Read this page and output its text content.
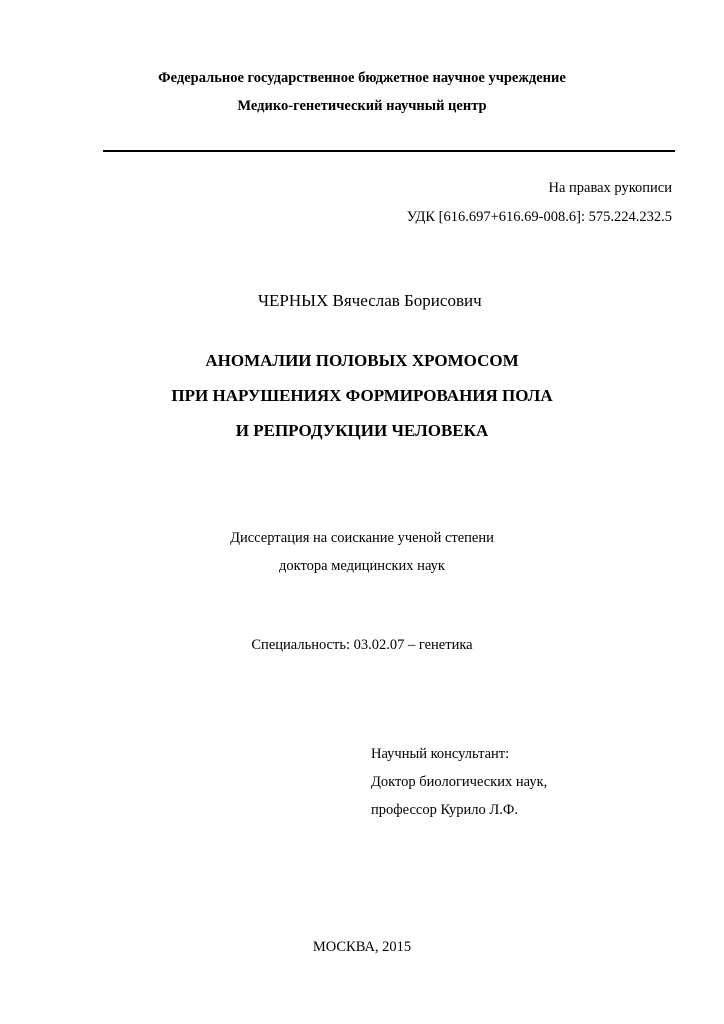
Федеральное государственное бюджетное научное учреждение
Медико-генетический научный центр
На правах рукописи
УДК [616.697+616.69-008.6]: 575.224.232.5
ЧЕРНЫХ Вячеслав Борисович
АНОМАЛИИ ПОЛОВЫХ ХРОМОСОМ
ПРИ НАРУШЕНИЯХ ФОРМИРОВАНИЯ ПОЛА
И РЕПРОДУКЦИИ ЧЕЛОВЕКА
Диссертация на соискание ученой степени
доктора медицинских наук
Специальность: 03.02.07 – генетика
Научный консультант:
Доктор биологических наук,
профессор Курило Л.Ф.
МОСКВА, 2015
